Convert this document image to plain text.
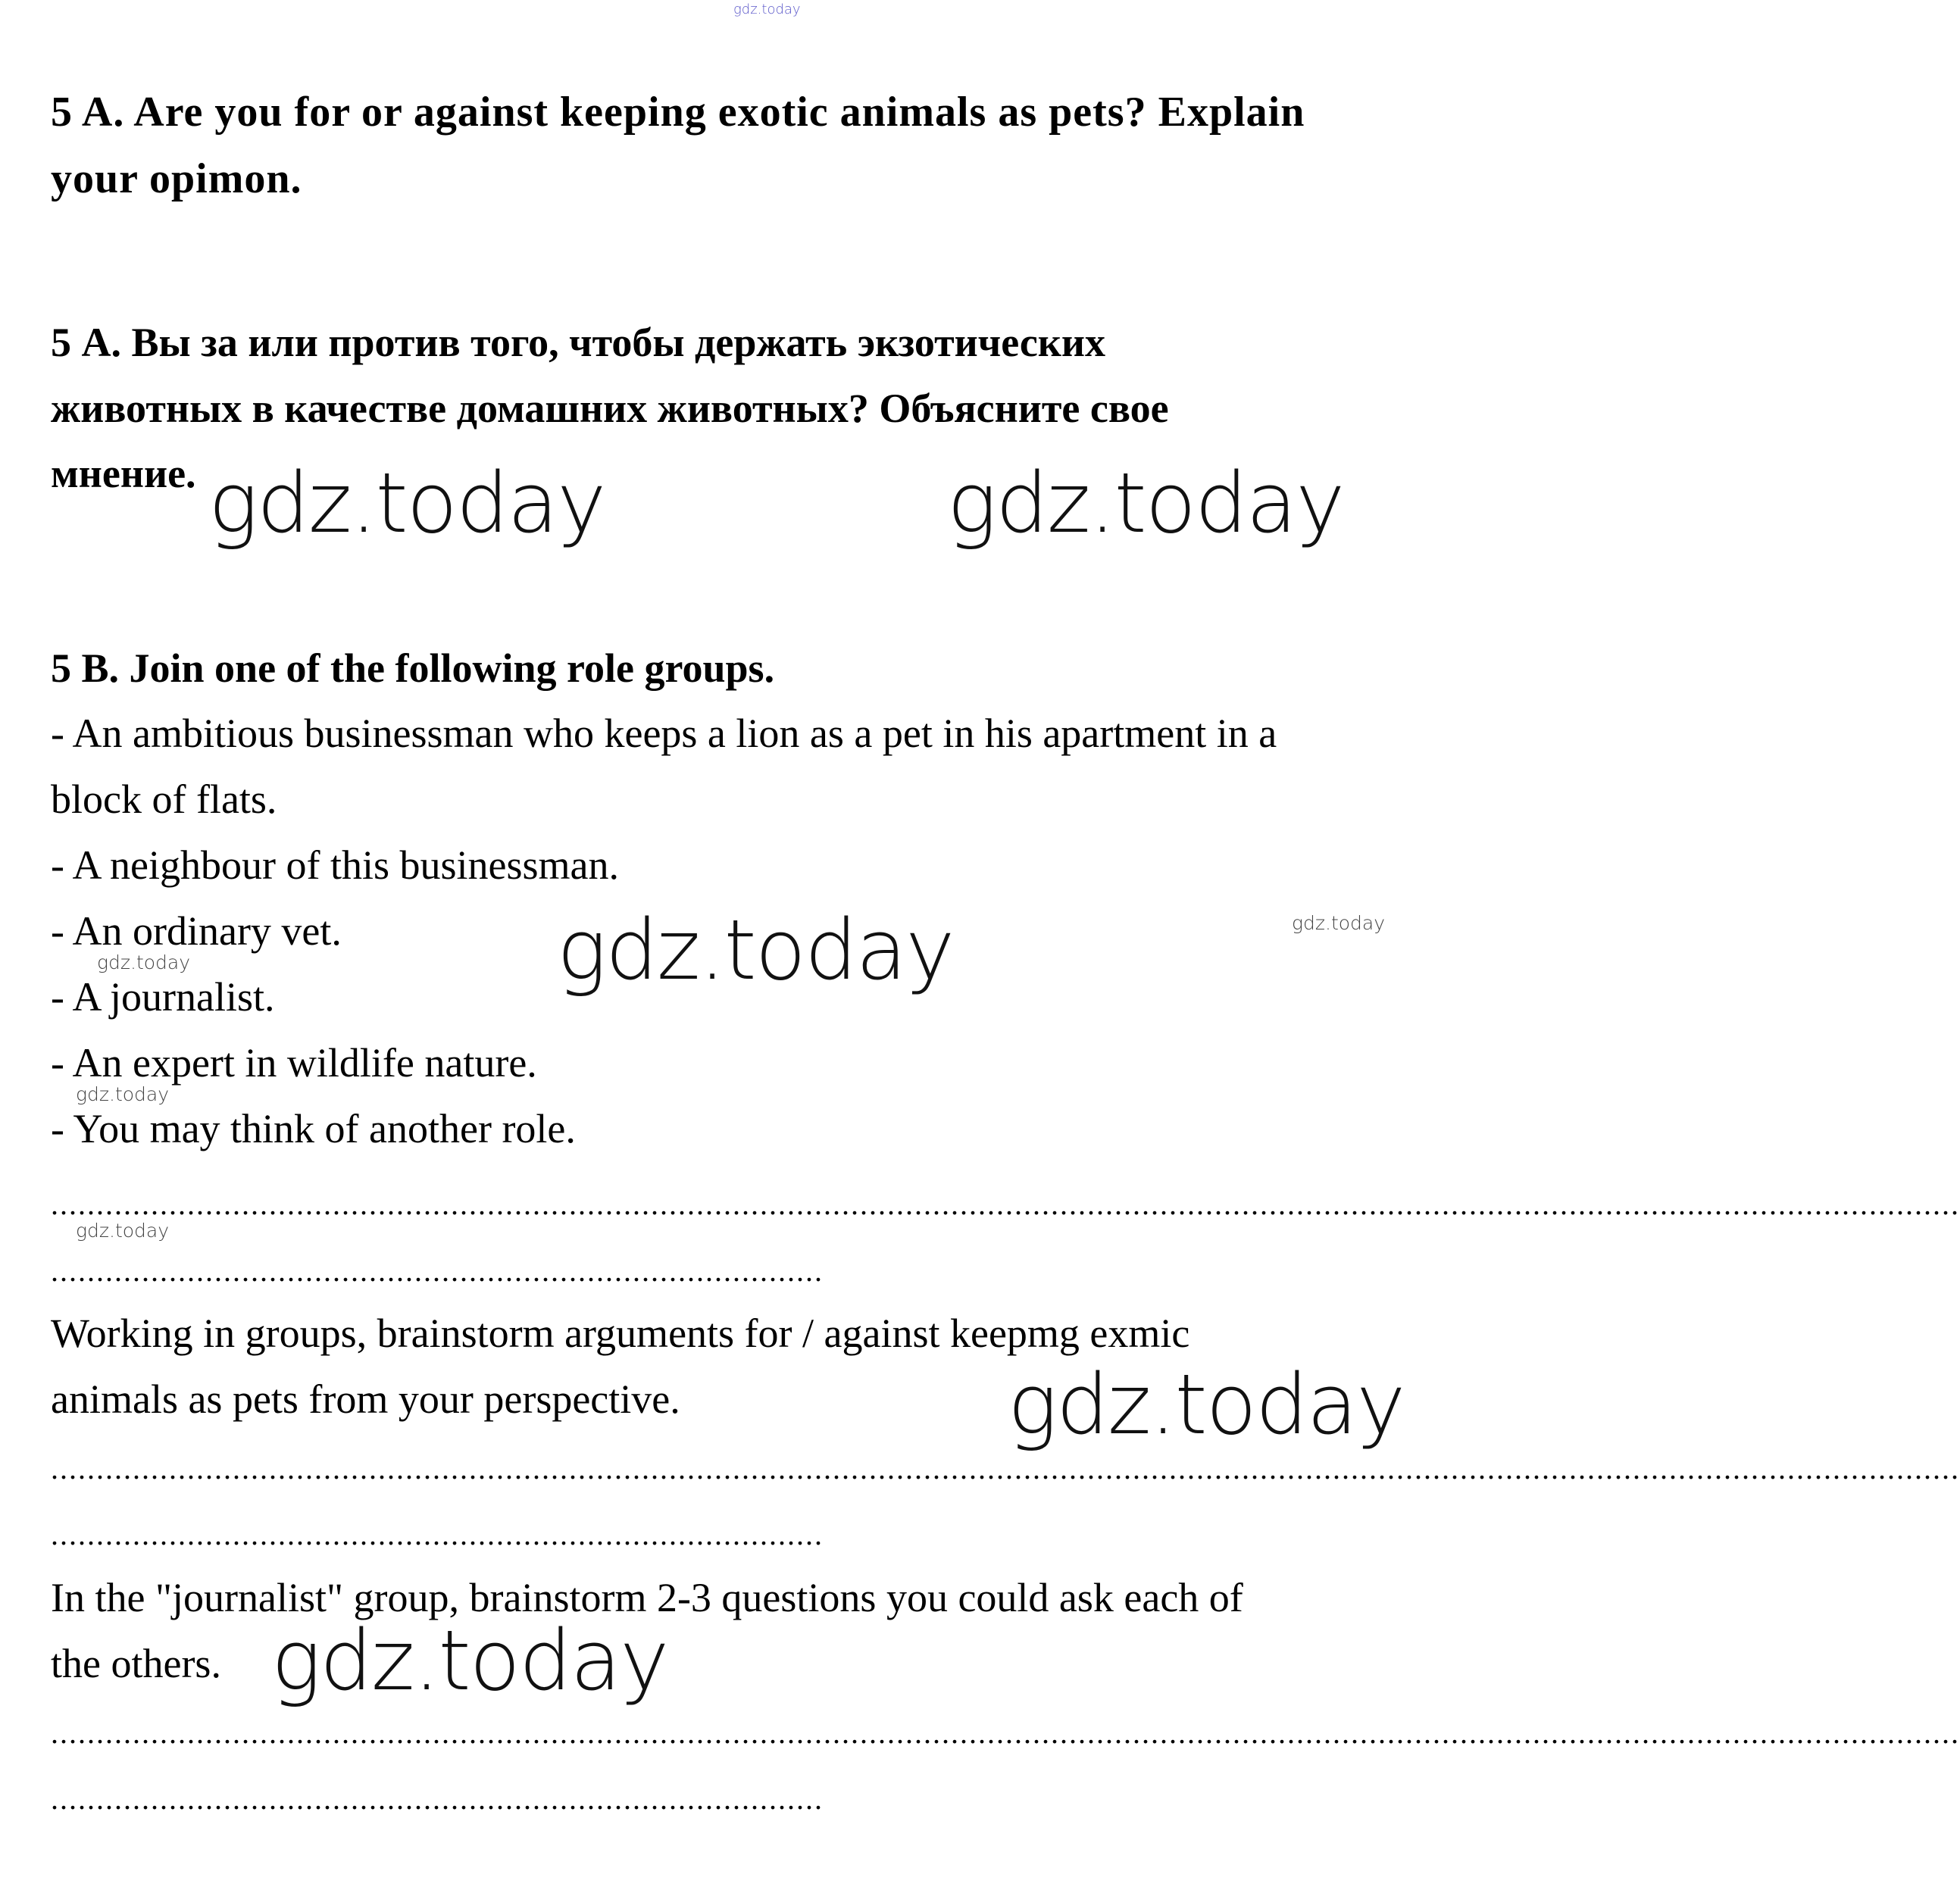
gdz.today
5 A. Are you for or against keeping exotic animals as pets? Explain
your opimon.
5 А. Вы за или против того, чтобы держать экзотических
животных в качестве домашних животных? Объясните свое
мнение. gdz.today	gdz.today
5 B. Join one of the following role groups.
- An ambitious businessman who keeps a lion as a pet in his apartment in a
block of flats.
- A neighbour of this businessman.
- An ordinary vet.
- A journalist.
- An expert in wildlife nature.
- You may think of another role.
gdz.today	gdz.today	gdz.today
gdz.today
..................................................................................................................................................................................................................
gdz.today
.....................................................................................
Working in groups, brainstorm arguments for / against keepmg exmic
animals as pets from your perspective.	gdz.today
..................................................................................................................................................................................................................
.....................................................................................
In the "journalist" group, brainstorm 2-3 questions you could ask each of
the others. gdz.today
..................................................................................................................................................................................................................
.....................................................................................
